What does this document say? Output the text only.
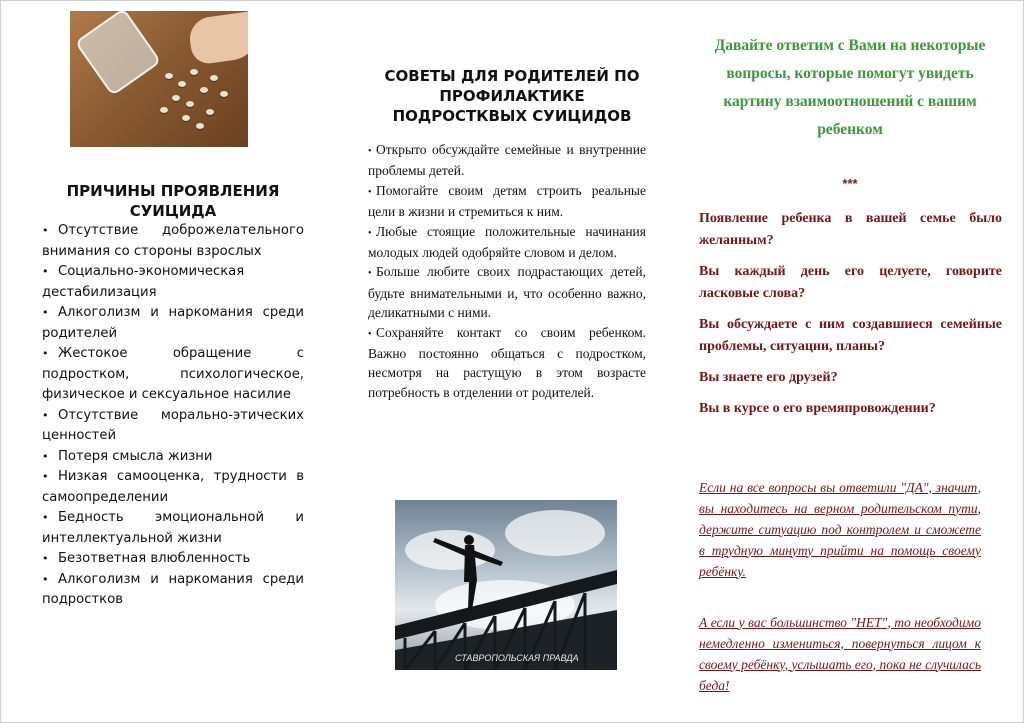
ПРИЧИНЫ ПРОЯВЛЕНИЯ СУИЦИДА
• Отсутствие доброжелательного внимания со стороны взрослых
• Социально-экономическая дестабилизация
• Алкоголизм и наркомания среди родителей
• Жестокое обращение с подростком, психологическое, физическое и сексуальное насилие
• Отсутствие морально-этических ценностей
• Потеря смысла жизни
• Низкая самооценка, трудности в самоопределении
• Бедность эмоциональной и интеллектуальной жизни
• Безответная влюбленность
• Алкоголизм и наркомания среди подростков
СОВЕТЫ ДЛЯ РОДИТЕЛЕЙ ПО ПРОФИЛАКТИКЕ ПОДРОСТКВЫХ СУИЦИДОВ
• Открыто обсуждайте семейные и внутренние проблемы детей.
• Помогайте своим детям строить реальные цели в жизни и стремиться к ним.
• Любые стоящие положительные начинания молодых людей одобряйте словом и делом.
• Больше любите своих подрастающих детей, будьте внимательными и, что особенно важно, деликатными с ними.
• Сохраняйте контакт со своим ребенком. Важно постоянно общаться с подростком, несмотря на растущую в этом возрасте потребность в отделении от родителей.
СТАВРОПОЛЬСКАЯ ПРАВДА
Давайте ответим с Вами на некоторые вопросы, которые помогут увидеть картину взаимоотношений с вашим ребенком
***

Появление ребенка в вашей семье было желанным?

Вы каждый день его целуете, говорите ласковые слова?

Вы обсуждаете с ним создавшиеся семейные проблемы, ситуации, планы?

Вы знаете его друзей?

Вы в курсе о его времяпровождении?

Если на все вопросы вы ответили "ДА", значит, вы находитесь на верном родительском пути, держите ситуацию под контролем и сможете в трудную минуту прийти на помощь своему ребёнку.

А если у вас большинство "НЕТ", то необходимо немедленно измениться, повернуться лицом к своему ребёнку, услышать его, пока не случилась беда!
